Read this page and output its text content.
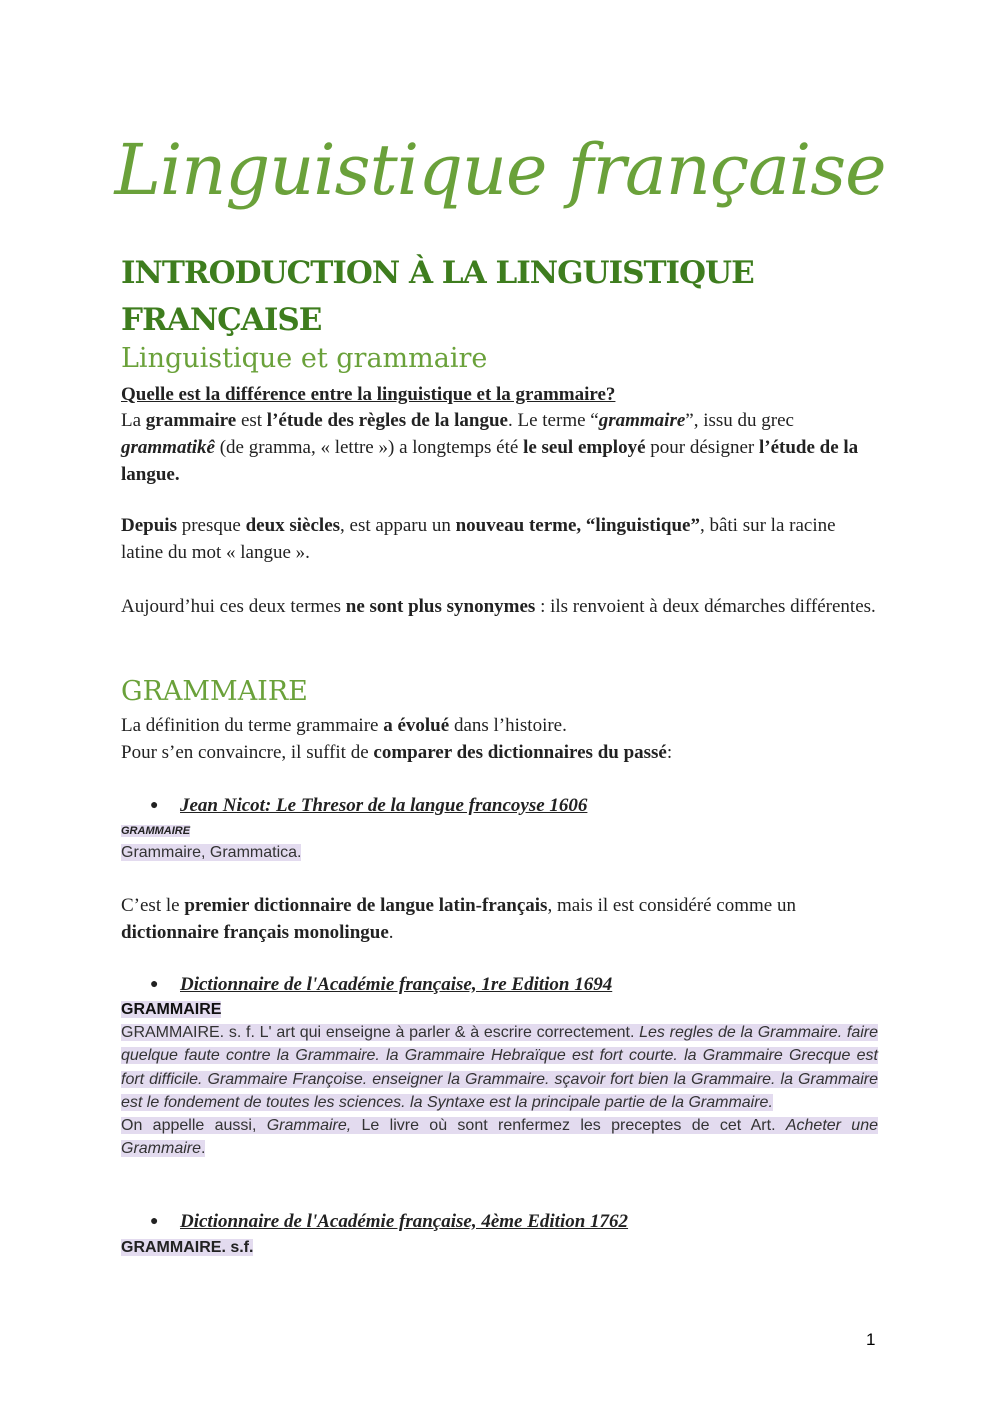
Linguistique française
INTRODUCTION À LA LINGUISTIQUE FRANÇAISE
Linguistique et grammaire
Quelle est la différence entre la linguistique et la grammaire?
La grammaire est l’étude des règles de la langue. Le terme “grammaire”, issu du grec grammatikê (de gramma, « lettre ») a longtemps été le seul employé pour désigner l’étude de la langue.
Depuis presque deux siècles, est apparu un nouveau terme, “linguistique”, bâti sur la racine latine du mot « langue ».
Aujourd’hui ces deux termes ne sont plus synonymes : ils renvoient à deux démarches différentes.
GRAMMAIRE
La définition du terme grammaire a évolué dans l’histoire.
Pour s’en convaincre, il suffit de comparer des dictionnaires du passé:
● Jean Nicot: Le Thresor de la langue francoyse 1606
GRAMMAIRE
Grammaire, Grammatica.
C’est le premier dictionnaire de langue latin-français, mais il est considéré comme un dictionnaire français monolingue.
● Dictionnaire de l'Académie française, 1re Edition 1694
GRAMMAIRE
GRAMMAIRE. s. f. L' art qui enseigne à parler & à escrire correctement. Les regles de la Grammaire. faire quelque faute contre la Grammaire. la Grammaire Hebraïque est fort courte. la Grammaire Grecque est fort difficile. Grammaire Françoise. enseigner la Grammaire. sçavoir fort bien la Grammaire. la Grammaire est le fondement de toutes les sciences. la Syntaxe est la principale partie de la Grammaire.
On appelle aussi, Grammaire, Le livre où sont renfermez les preceptes de cet Art. Acheter une Grammaire.
● Dictionnaire de l'Académie française, 4ème Edition 1762
GRAMMAIRE. s.f.
1
